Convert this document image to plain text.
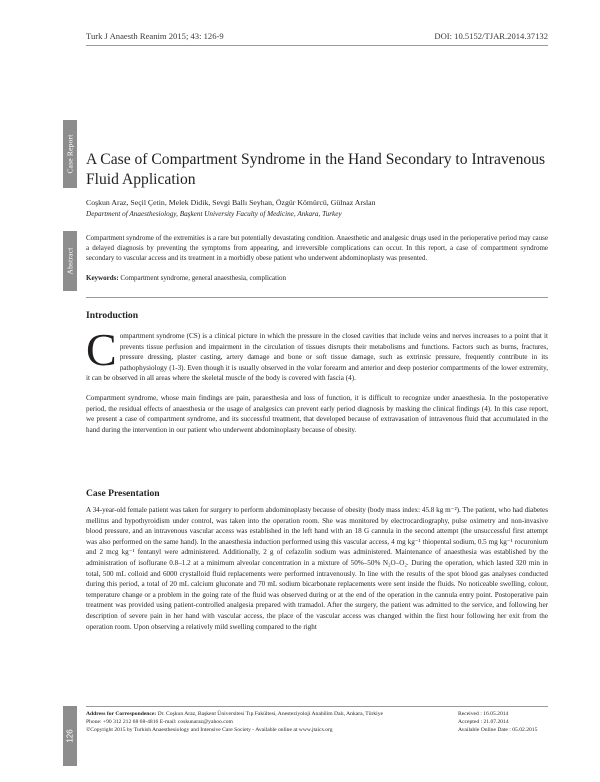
Turk J Anaesth Reanim 2015; 43: 126-9	DOI: 10.5152/TJAR.2014.37132
Case Report A Case of Compartment Syndrome in the Hand Secondary to Intravenous Fluid Application
Coşkun Araz, Seçil Çetin, Melek Didik, Sevgi Ballı Seyhan, Özgür Kömürcü, Gülnaz Arslan
Department of Anaesthesiology, Başkent University Faculty of Medicine, Ankara, Turkey
Abstract

Compartment syndrome of the extremities is a rare but potentially devastating condition. Anaesthetic and analgesic drugs used in the perioperative period may cause a delayed diagnosis by preventing the symptoms from appearing, and irreversible complications can occur. In this report, a case of compartment syndrome secondary to vascular access and its treatment in a morbidly obese patient who underwent abdominoplasty was presented.

Keywords: Compartment syndrome, general anaesthesia, complication

Introduction

Compartment syndrome (CS) is a clinical picture in which the pressure in the closed cavities that include veins and nerves increases to a point that it prevents tissue perfusion and impairment in the circulation of tissues disrupts their metabolisms and functions. Factors such as burns, fractures, pressure dressing, plaster casting, artery damage and bone or soft tissue damage, such as extrinsic pressure, frequently contribute in its pathophysiology (1-3). Even though it is usually observed in the volar forearm and anterior and deep posterior compartments of the lower extremity, it can be observed in all areas where the skeletal muscle of the body is covered with fascia (4).

Compartment syndrome, whose main findings are pain, paraesthesia and loss of function, it is difficult to recognize under anaesthesia. In the postoperative period, the residual effects of anaesthesia or the usage of analgesics can prevent early period diagnosis by masking the clinical findings (4). In this case report, we present a case of compartment syndrome, and its successful treatment, that developed because of extravasation of intravenous fluid that accumulated in the hand during the intervention in our patient who underwent abdominoplasty because of obesity.

Case Presentation

A 34-year-old female patient was taken for surgery to perform abdominoplasty because of obesity (body mass index: 45.8 kg m⁻²). The patient, who had diabetes mellitus and hypothyroidism under control, was taken into the operation room. She was monitored by electrocardiography, pulse oximetry and non-invasive blood pressure, and an intravenous vascular access was established in the left hand with an 18 G cannula in the second attempt (the unsuccessful first attempt was also performed on the same hand). In the anaesthesia induction performed using this vascular access, 4 mg kg⁻¹ thiopental sodium, 0.5 mg kg⁻¹ rocuronium and 2 mcg kg⁻¹ fentanyl were administered. Additionally, 2 g of cefazolin sodium was administered. Maintenance of anaesthesia was established by the administration of isoflurane 0.8–1.2 at a minimum alveolar concentration in a mixture of 50%–50% N₂O–O₂. During the operation, which lasted 320 min in total, 500 mL colloid and 6000 crystalloid fluid replacements were performed intravenously. In line with the results of the spot blood gas analyses conducted during this period, a total of 20 mL calcium gluconate and 70 mL sodium bicarbonate replacements were sent inside the fluids. No noticeable swelling, colour, temperature change or a problem in the going rate of the fluid was observed during or at the end of the operation in the cannula entry point. Postoperative pain treatment was provided using patient-controlled analgesia prepared with tramadol. After the surgery, the patient was admitted to the service, and following her description of severe pain in her hand with vascular access, the place of the vascular access was changed within the first hour following her exit from the operation room. Upon observing a relatively mild swelling compared to the right

126
Address for Correspondence: Dr. Coşkun Araz, Başkent Üniversitesi Tıp Fakültesi, Anesteziyoloji Anabilim Dalı, Ankara, Türkiye
Phone: +90 312 212 68 68-4816 E-mail: coskunaraz@yahoo.com
©Copyright 2015 by Turkish Anaesthesiology and Intensive Care Society - Available online at www.jtaics.org
Received : 16.05.2014
Accepted : 21.07.2014
Available Online Date : 05.02.2015
